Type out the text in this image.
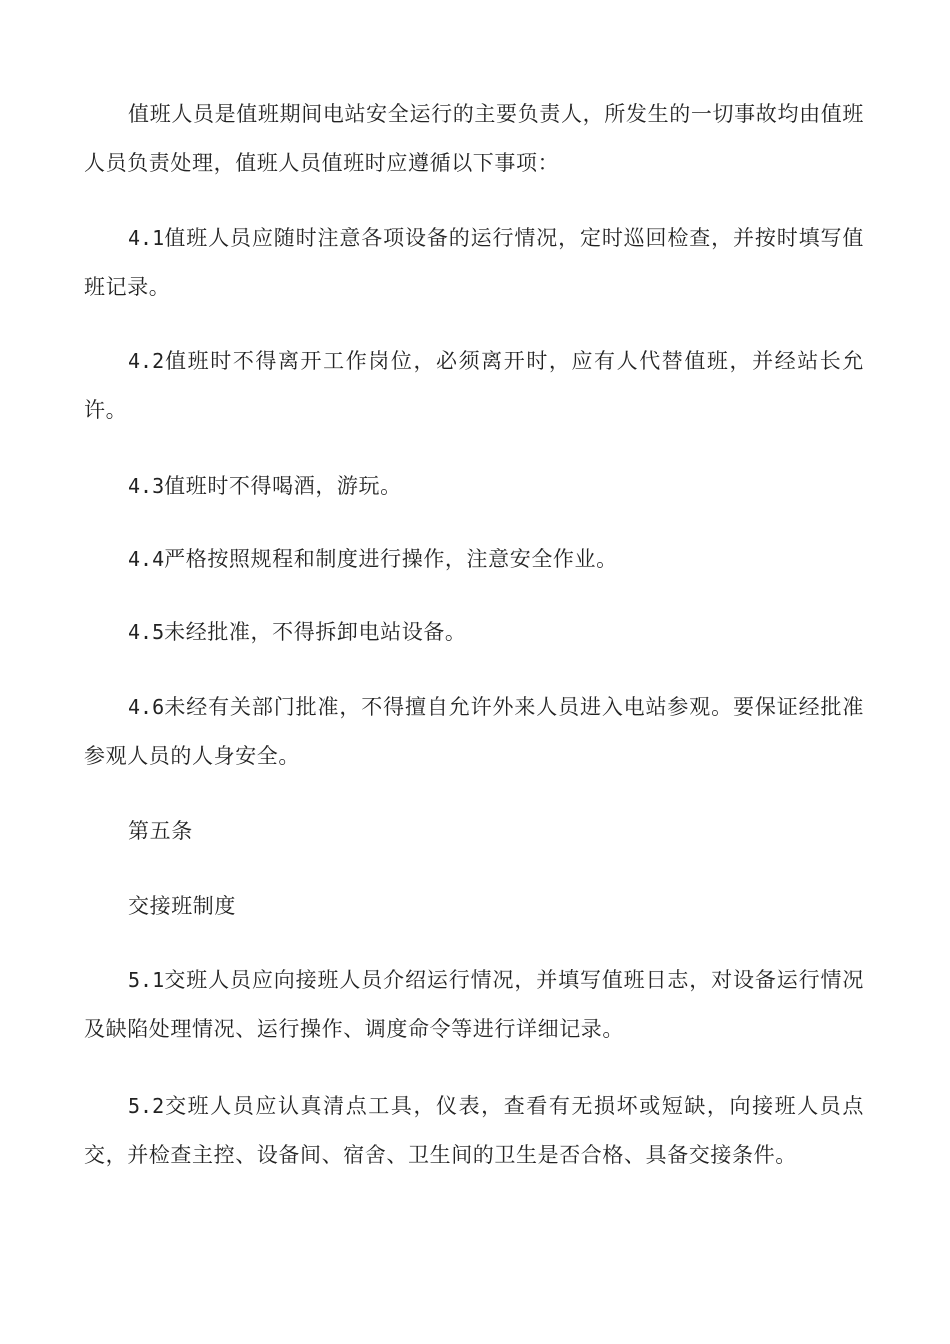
值班人员是值班期间电站安全运行的主要负责人，所发生的一切事故均由值班人员负责处理，值班人员值班时应遵循以下事项：

4.1值班人员应随时注意各项设备的运行情况，定时巡回检查，并按时填写值班记录。

4.2值班时不得离开工作岗位，必须离开时，应有人代替值班，并经站长允许。

4.3值班时不得喝酒，游玩。

4.4严格按照规程和制度进行操作，注意安全作业。

4.5未经批准，不得拆卸电站设备。

4.6未经有关部门批准，不得擅自允许外来人员进入电站参观。要保证经批准参观人员的人身安全。

第五条

交接班制度

5.1交班人员应向接班人员介绍运行情况，并填写值班日志，对设备运行情况及缺陷处理情况、运行操作、调度命令等进行详细记录。

5.2交班人员应认真清点工具，仪表，查看有无损坏或短缺，向接班人员点交，并检查主控、设备间、宿舍、卫生间的卫生是否合格、具备交接条件。
